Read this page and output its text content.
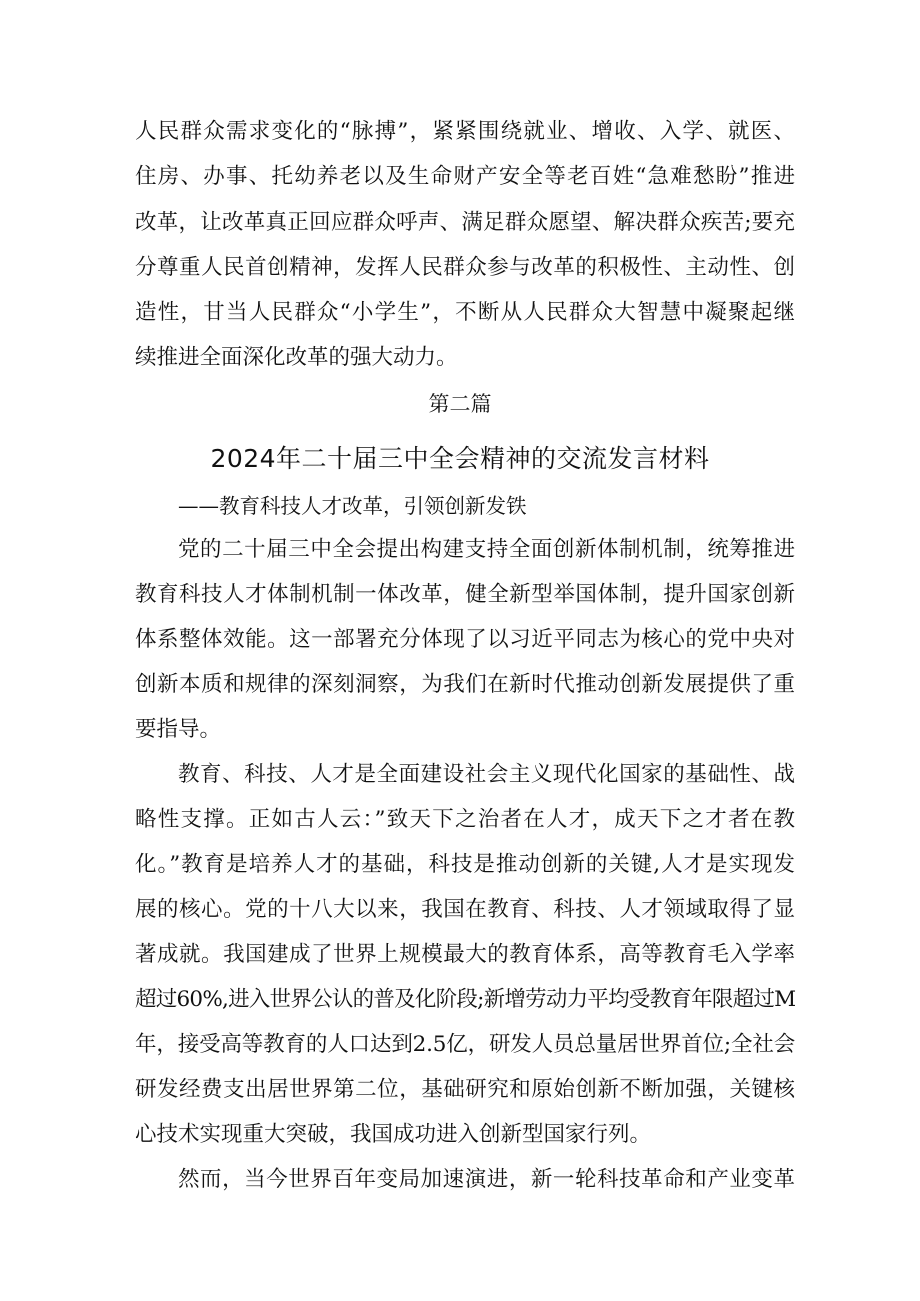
人民群众需求变化的“脉搏”，紧紧围绕就业、增收、入学、就医、
住房、办事、托幼养老以及生命财产安全等老百姓“急难愁盼”推进
改革，让改革真正回应群众呼声、满足群众愿望、解决群众疾苦;要充
分尊重人民首创精神，发挥人民群众参与改革的积极性、主动性、创
造性，甘当人民群众“小学生”，不断从人民群众大智慧中凝聚起继
续推进全面深化改革的强大动力。
第二篇
2024年二十届三中全会精神的交流发言材料
——教育科技人才改革，引领创新发铁
党的二十届三中全会提出构建支持全面创新体制机制，统筹推进
教育科技人才体制机制一体改革，健全新型举国体制，提升国家创新
体系整体效能。这一部署充分体现了以习近平同志为核心的党中央对
创新本质和规律的深刻洞察，为我们在新时代推动创新发展提供了重
要指导。
教育、科技、人才是全面建设社会主义现代化国家的基础性、战
略性支撑。正如古人云：”致天下之治者在人才，成天下之才者在教
化。”教育是培养人才的基础，科技是推动创新的关键,人才是实现发
展的核心。党的十八大以来，我国在教育、科技、人才领域取得了显
著成就。我国建成了世界上规模最大的教育体系，高等教育毛入学率
超过60%,进入世界公认的普及化阶段;新增劳动力平均受教育年限超过M
年，接受高等教育的人口达到2.5亿，研发人员总量居世界首位;全社会
研发经费支出居世界第二位，基础研究和原始创新不断加强，关键核
心技术实现重大突破，我国成功进入创新型国家行列。
然而，当今世界百年变局加速演进，新一轮科技革命和产业变革
